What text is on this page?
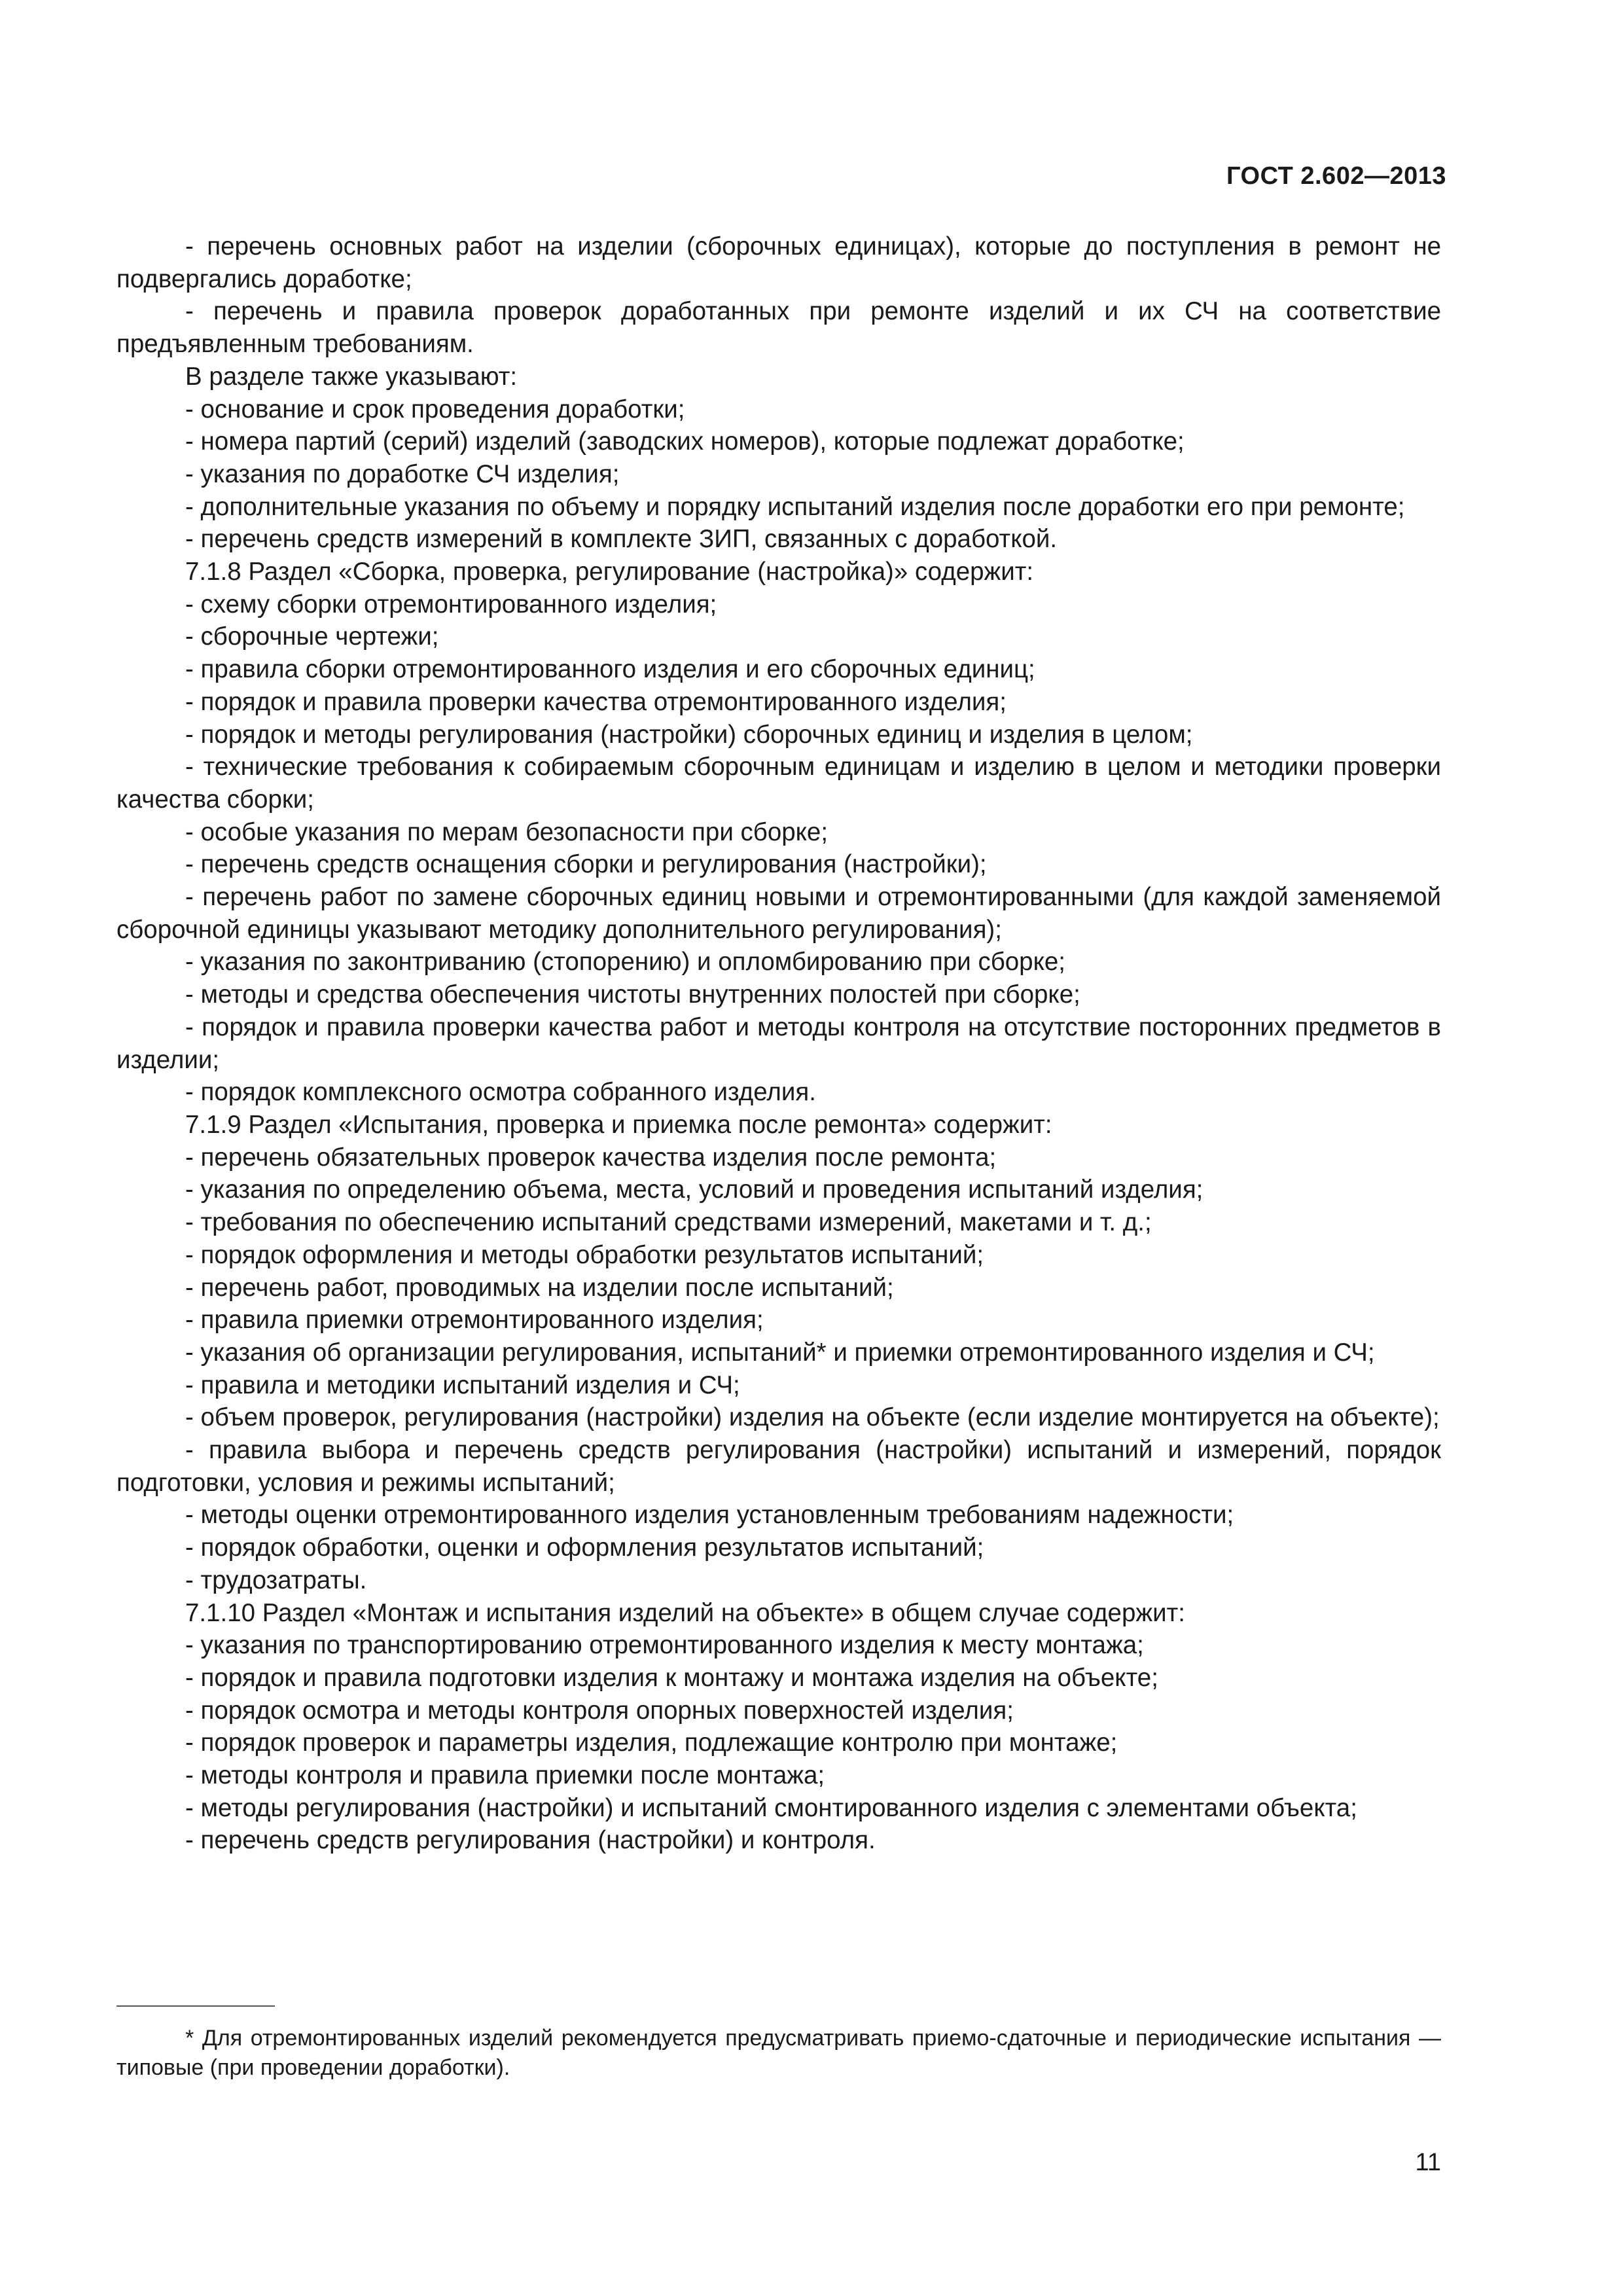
ГОСТ 2.602—2013

- перечень основных работ на изделии (сборочных единицах), которые до поступления в ремонт не подвергались доработке;

- перечень и правила проверок доработанных при ремонте изделий и их СЧ на соответствие предъявленным требованиям.

В разделе также указывают:

- основание и срок проведения доработки;

- номера партий (серий) изделий (заводских номеров), которые подлежат доработке;

- указания по доработке СЧ изделия;

- дополнительные указания по объему и порядку испытаний изделия после доработки его при ремонте;

- перечень средств измерений в комплекте ЗИП, связанных с доработкой.

7.1.8 Раздел «Сборка, проверка, регулирование (настройка)» содержит:

- схему сборки отремонтированного изделия;

- сборочные чертежи;

- правила сборки отремонтированного изделия и его сборочных единиц;

- порядок и правила проверки качества отремонтированного изделия;

- порядок и методы регулирования (настройки) сборочных единиц и изделия в целом;

- технические требования к собираемым сборочным единицам и изделию в целом и методики проверки качества сборки;

- особые указания по мерам безопасности при сборке;

- перечень средств оснащения сборки и регулирования (настройки);

- перечень работ по замене сборочных единиц новыми и отремонтированными (для каждой заменяемой сборочной единицы указывают методику дополнительного регулирования);

- указания по законтриванию (стопорению) и опломбированию при сборке;

- методы и средства обеспечения чистоты внутренних полостей при сборке;

- порядок и правила проверки качества работ и методы контроля на отсутствие посторонних предметов в изделии;

- порядок комплексного осмотра собранного изделия.

7.1.9 Раздел «Испытания, проверка и приемка после ремонта» содержит:

- перечень обязательных проверок качества изделия после ремонта;

- указания по определению объема, места, условий и проведения испытаний изделия;

- требования по обеспечению испытаний средствами измерений, макетами и т. д.;

- порядок оформления и методы обработки результатов испытаний;

- перечень работ, проводимых на изделии после испытаний;

- правила приемки отремонтированного изделия;

- указания об организации регулирования, испытаний* и приемки отремонтированного изделия и СЧ;

- правила и методики испытаний изделия и СЧ;

- объем проверок, регулирования (настройки) изделия на объекте (если изделие монтируется на объекте);

- правила выбора и перечень средств регулирования (настройки) испытаний и измерений, порядок подготовки, условия и режимы испытаний;

- методы оценки отремонтированного изделия установленным требованиям надежности;

- порядок обработки, оценки и оформления результатов испытаний;

- трудозатраты.

7.1.10 Раздел «Монтаж и испытания изделий на объекте» в общем случае содержит:

- указания по транспортированию отремонтированного изделия к месту монтажа;

- порядок и правила подготовки изделия к монтажу и монтажа изделия на объекте;

- порядок осмотра и методы контроля опорных поверхностей изделия;

- порядок проверок и параметры изделия, подлежащие контролю при монтаже;

- методы контроля и правила приемки после монтажа;

- методы регулирования (настройки) и испытаний смонтированного изделия с элементами объекта;

- перечень средств регулирования (настройки) и контроля.

* Для отремонтированных изделий рекомендуется предусматривать приемо-сдаточные и периодические испытания — типовые (при проведении доработки).

11
